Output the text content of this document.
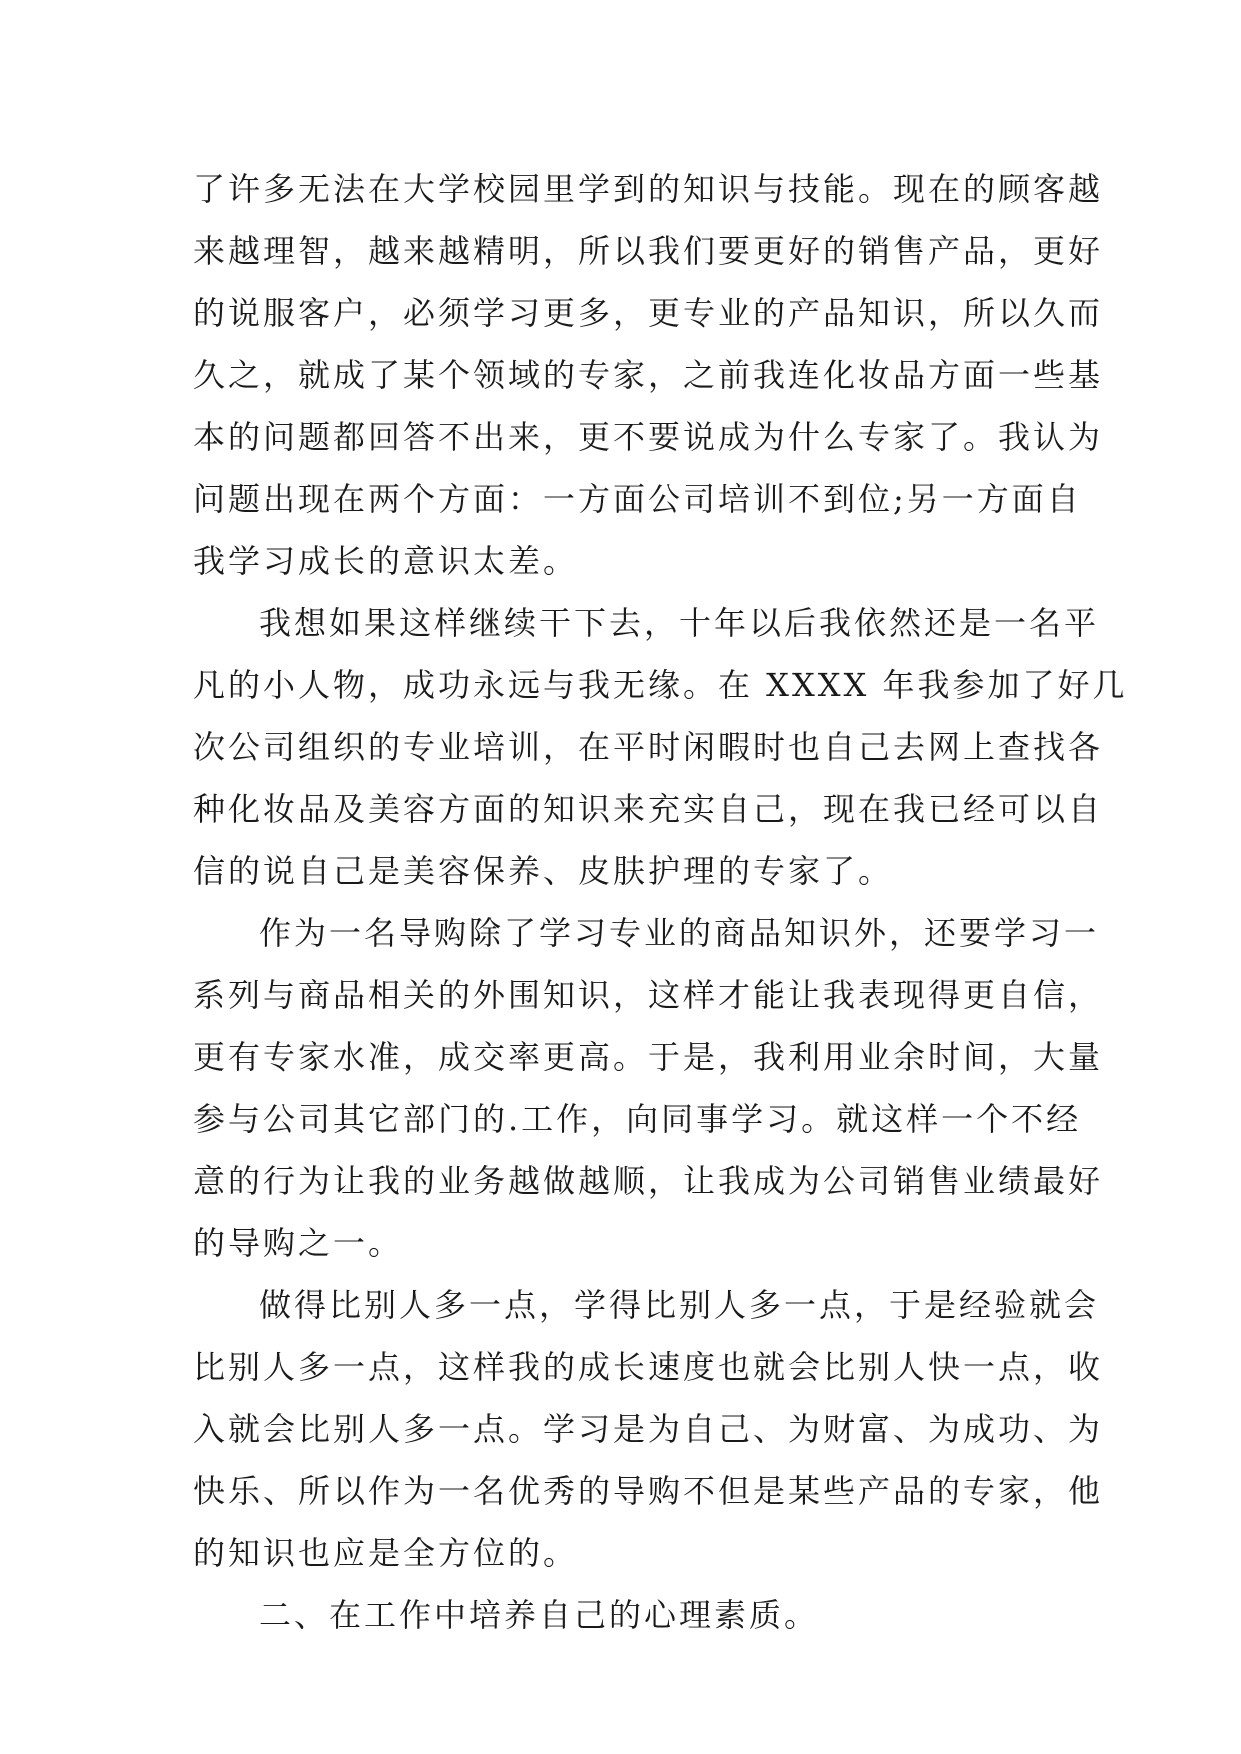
了许多无法在大学校园里学到的知识与技能。现在的顾客越
来越理智，越来越精明，所以我们要更好的销售产品，更好
的说服客户，必须学习更多，更专业的产品知识，所以久而
久之，就成了某个领域的专家，之前我连化妆品方面一些基
本的问题都回答不出来，更不要说成为什么专家了。我认为
问题出现在两个方面：一方面公司培训不到位;另一方面自
我学习成长的意识太差。
我想如果这样继续干下去，十年以后我依然还是一名平
凡的小人物，成功永远与我无缘。在 XXXX 年我参加了好几
次公司组织的专业培训，在平时闲暇时也自己去网上查找各
种化妆品及美容方面的知识来充实自己，现在我已经可以自
信的说自己是美容保养、皮肤护理的专家了。
作为一名导购除了学习专业的商品知识外，还要学习一
系列与商品相关的外围知识，这样才能让我表现得更自信，
更有专家水准，成交率更高。于是，我利用业余时间，大量
参与公司其它部门的.工作，向同事学习。就这样一个不经
意的行为让我的业务越做越顺，让我成为公司销售业绩最好
的导购之一。
做得比别人多一点，学得比别人多一点，于是经验就会
比别人多一点，这样我的成长速度也就会比别人快一点，收
入就会比别人多一点。学习是为自己、为财富、为成功、为
快乐、所以作为一名优秀的导购不但是某些产品的专家，他
的知识也应是全方位的。
二、在工作中培养自己的心理素质。
